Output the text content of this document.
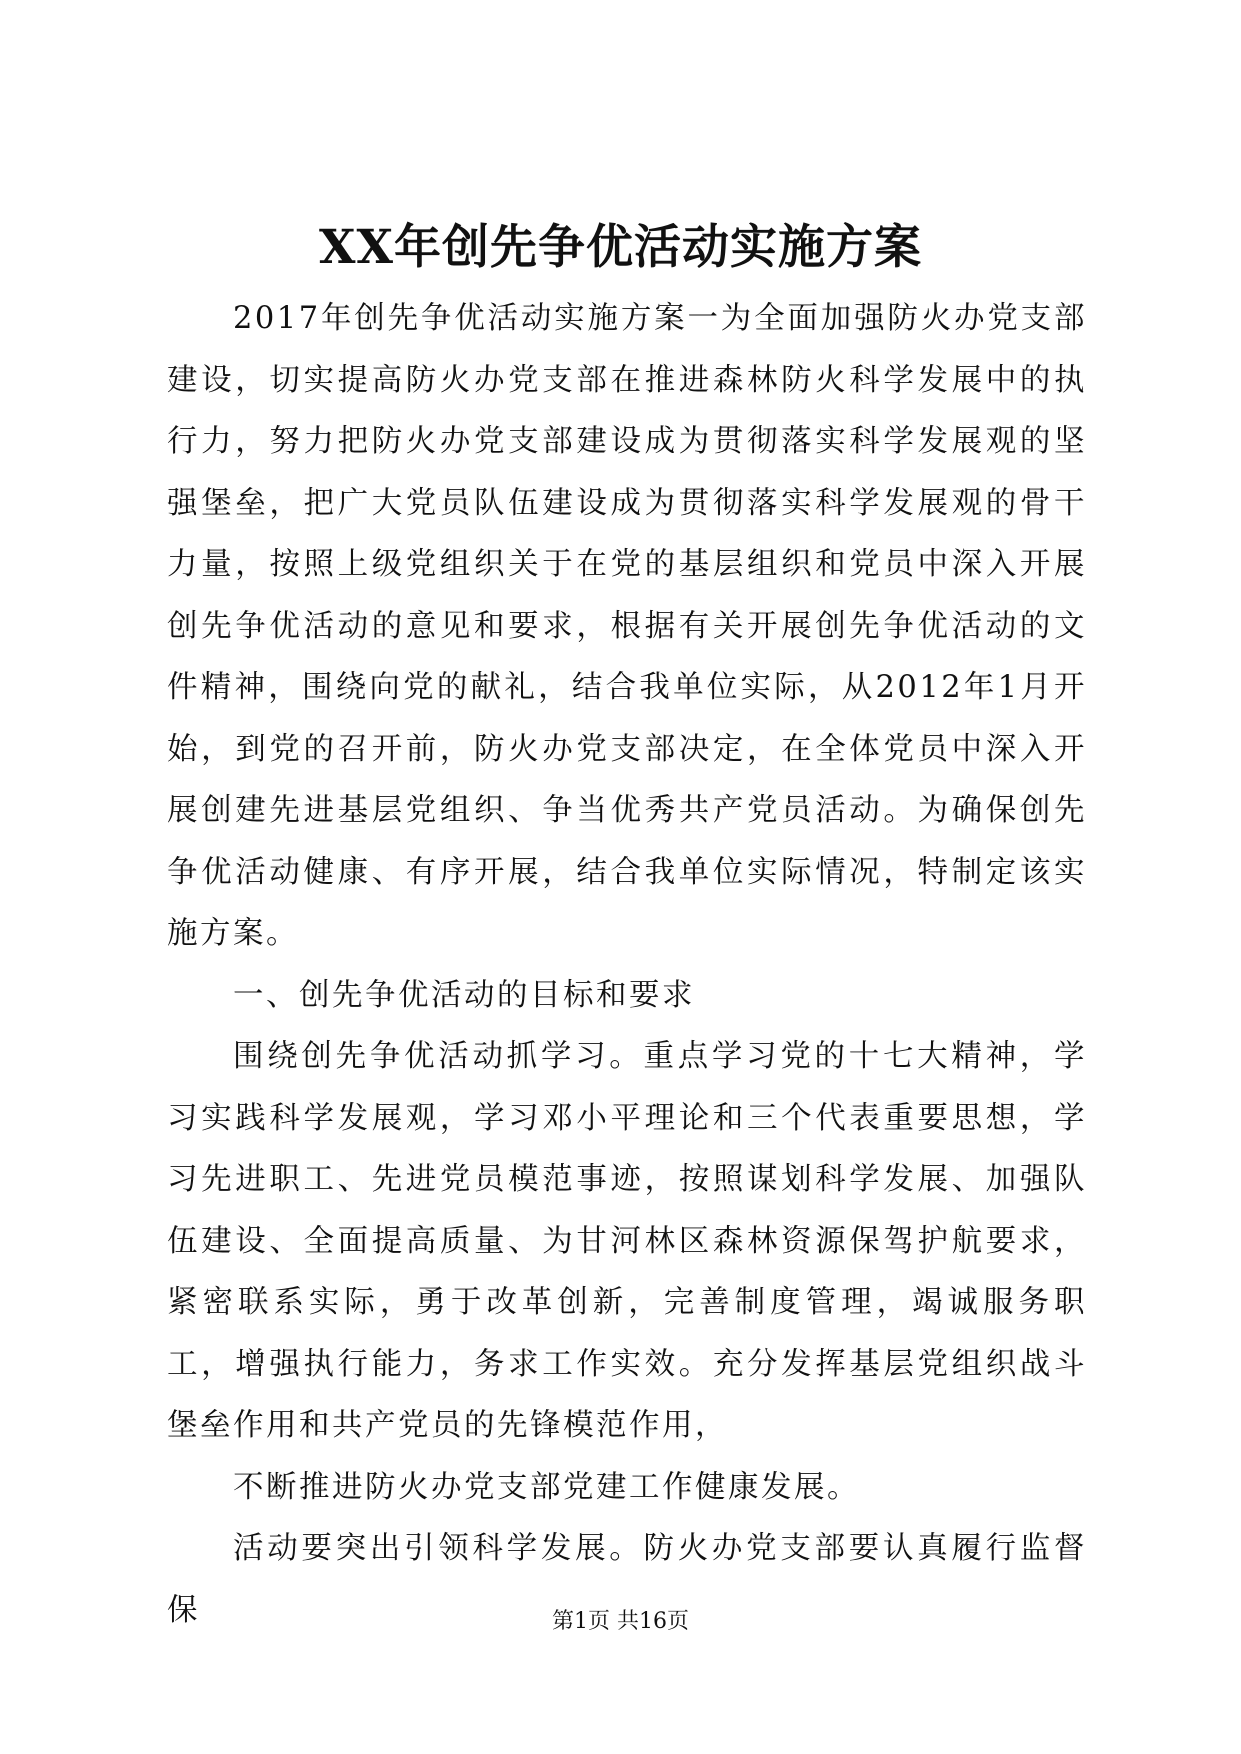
XX年创先争优活动实施方案

2017年创先争优活动实施方案一为全面加强防火办党支部建设，切实提高防火办党支部在推进森林防火科学发展中的执行力，努力把防火办党支部建设成为贯彻落实科学发展观的坚强堡垒，把广大党员队伍建设成为贯彻落实科学发展观的骨干力量，按照上级党组织关于在党的基层组织和党员中深入开展创先争优活动的意见和要求，根据有关开展创先争优活动的文件精神，围绕向党的献礼，结合我单位实际，从2012年1月开始，到党的召开前，防火办党支部决定，在全体党员中深入开展创建先进基层党组织、争当优秀共产党员活动。为确保创先争优活动健康、有序开展，结合我单位实际情况，特制定该实施方案。

一、创先争优活动的目标和要求

围绕创先争优活动抓学习。重点学习党的十七大精神，学习实践科学发展观，学习邓小平理论和三个代表重要思想，学习先进职工、先进党员模范事迹，按照谋划科学发展、加强队伍建设、全面提高质量、为甘河林区森林资源保驾护航要求，紧密联系实际，勇于改革创新，完善制度管理，竭诚服务职工，增强执行能力，务求工作实效。充分发挥基层党组织战斗堡垒作用和共产党员的先锋模范作用，

不断推进防火办党支部党建工作健康发展。

活动要突出引领科学发展。防火办党支部要认真履行监督保	第1页 共16页
